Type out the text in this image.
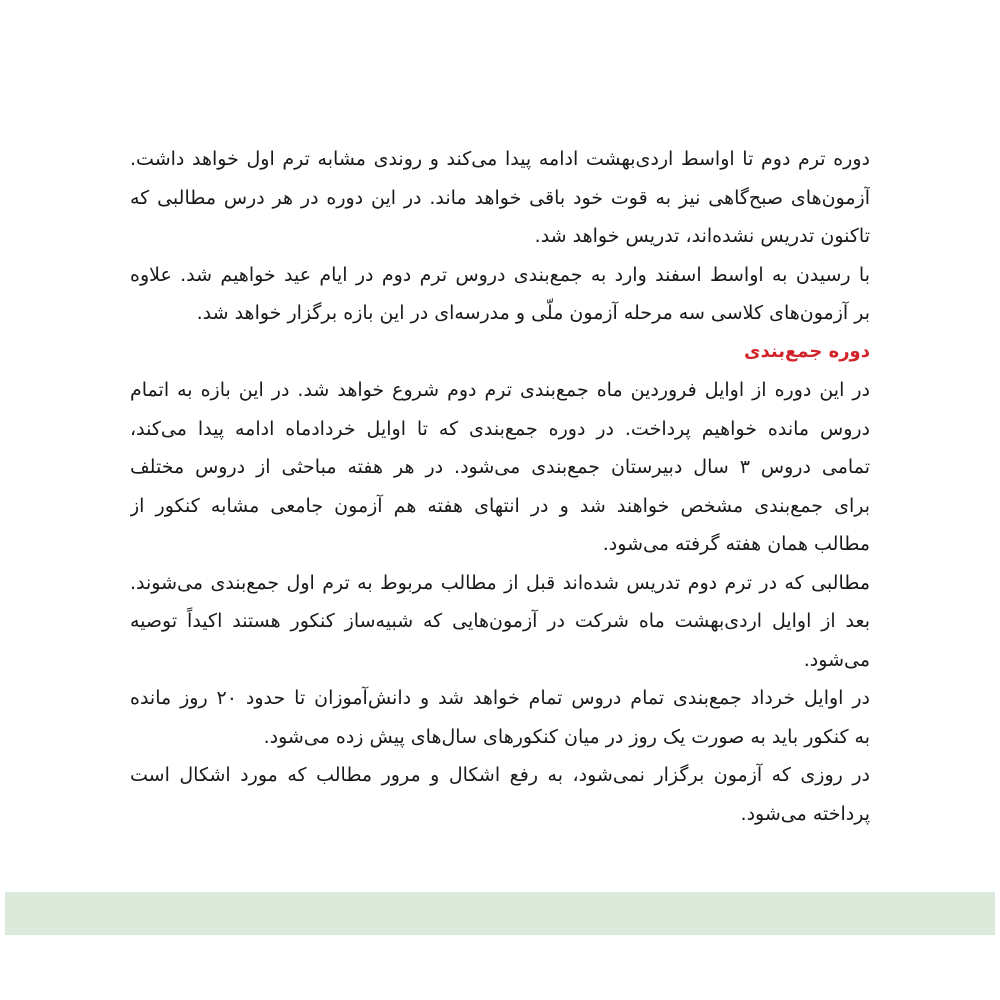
دوره ترم دوم تا اواسط اردی‌بهشت ادامه پیدا می‌کند و روندی مشابه ترم اول خواهد داشت.
آزمون‌های صبح‌گاهی نیز به قوت خود باقی خواهد ماند. در این دوره در هر درس مطالبی که
تاکنون تدریس نشده‌اند، تدریس خواهد شد.
با رسیدن به اواسط اسفند وارد به جمع‌بندی دروس ترم دوم در ایام عید خواهیم شد. علاوه
بر آزمون‌های کلاسی سه مرحله آزمون ملّی و مدرسه‌ای در این بازه برگزار خواهد شد.
دوره جمع‌بندی
در این دوره از اوایل فروردین ماه جمع‌بندی ترم دوم شروع خواهد شد. در این بازه به اتمام
دروس مانده خواهیم پرداخت. در دوره جمع‌بندی که تا اوایل خردادماه ادامه پیدا می‌کند،
تمامی دروس ۳ سال دبیرستان جمع‌بندی می‌شود. در هر هفته مباحثی از دروس مختلف
برای جمع‌بندی مشخص خواهند شد و در انتهای هفته هم آزمون جامعی مشابه کنکور از
مطالب همان هفته گرفته می‌شود.
مطالبی که در ترم دوم تدریس شده‌اند قبل از مطالب مربوط به ترم اول جمع‌بندی می‌شوند.
بعد از اوایل اردی‌بهشت ماه شرکت در آزمون‌هایی که شبیه‌ساز کنکور هستند اکیداً توصیه
می‌شود.
در اوایل خرداد جمع‌بندی تمام دروس تمام خواهد شد و دانش‌آموزان تا حدود ۲۰ روز مانده
به کنکور باید به صورت یک روز در میان کنکورهای سال‌های پیش زده می‌شود.
در روزی که آزمون برگزار نمی‌شود، به رفع اشکال و مرور مطالب که مورد اشکال است
پرداخته می‌شود.
